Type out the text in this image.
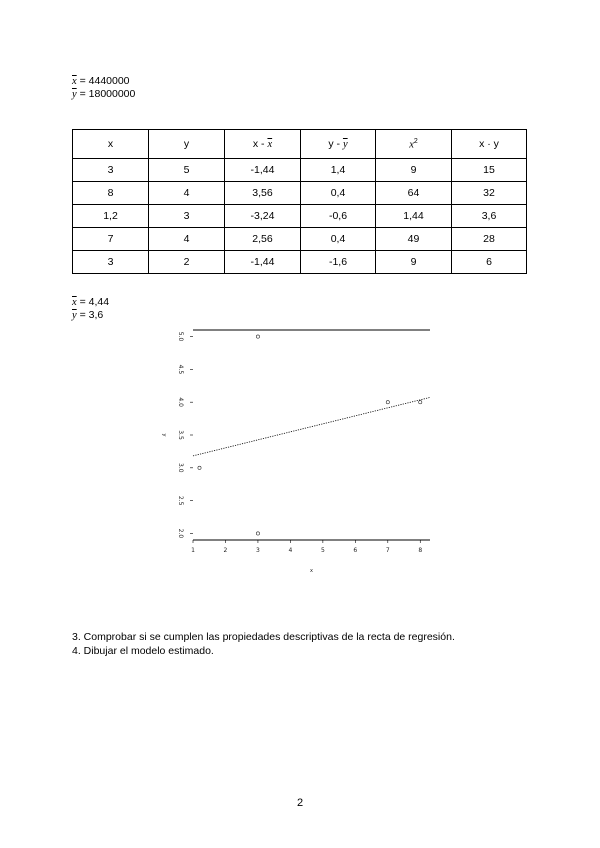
$\overline{x} = 4440000$
$\overline{y} = 18000000$
x	y	x - $\overline{x}$	y - $\overline{y}$	$x^2$	x · y
3	5	-1,44	1,4	9	15
8	4	3,56	0,4	64	32
1,2	3	-3,24	-0,6	1,44	3,6
7	4	2,56	0,4	49	28
3	2	-1,44	-1,6	9	6
$\overline{x} = 4,44$
$\overline{y} = 3,6$
2.0
2.5
3.0
3.5
4.0
4.5
5.0
1	2	3	4	5	6	7	8
x
y
3. Comprobar si se cumplen las propiedades descriptivas de la recta de regresión.
4. Dibujar el modelo estimado.
2
